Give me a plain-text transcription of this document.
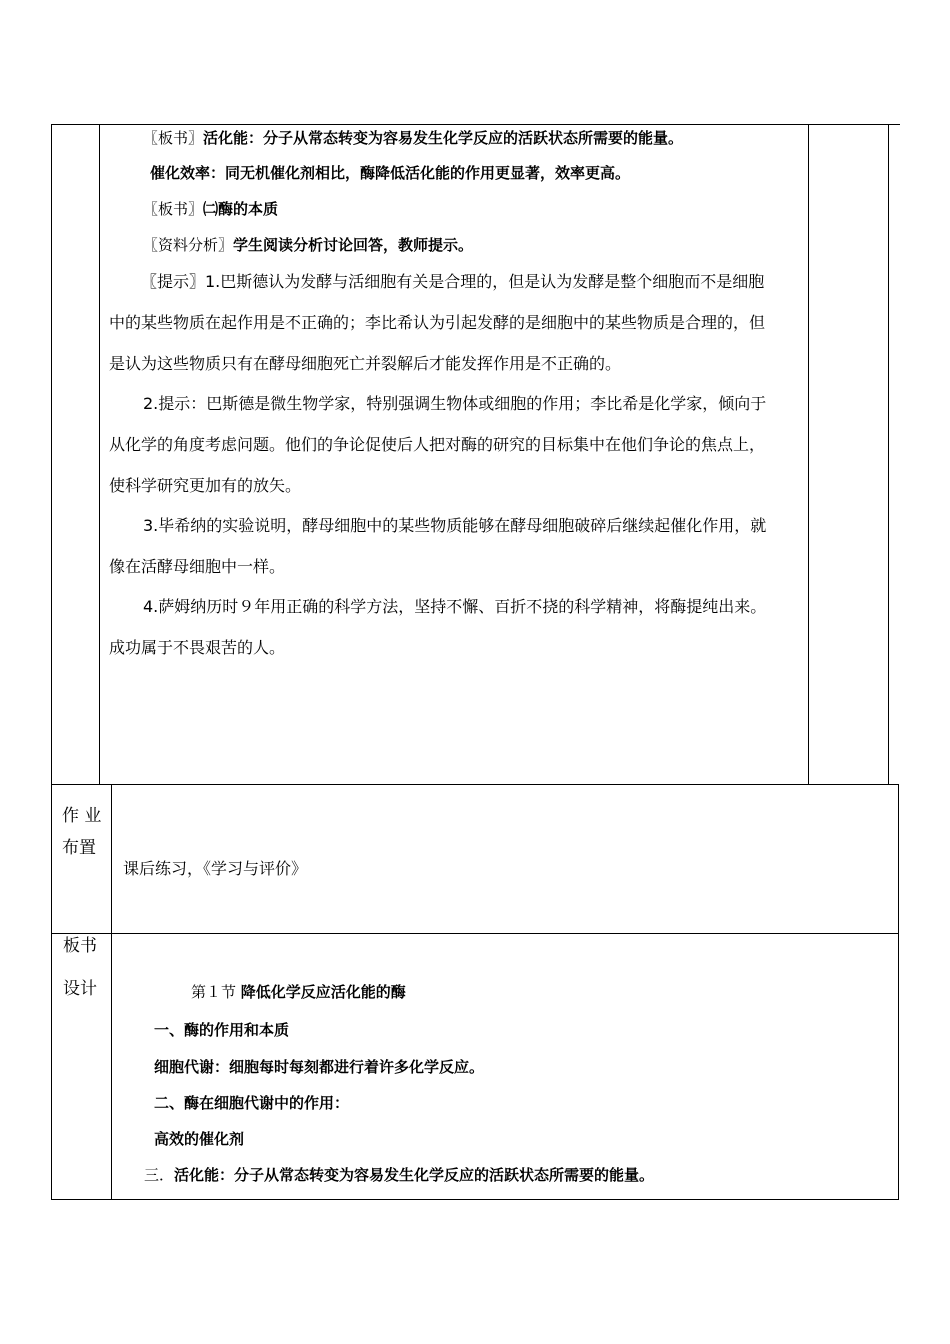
〖板书〗活化能：分子从常态转变为容易发生化学反应的活跃状态所需要的能量。
催化效率：同无机催化剂相比，酶降低活化能的作用更显著，效率更高。
〖板书〗㈡酶的本质
〖资料分析〗学生阅读分析讨论回答，教师提示。
〖提示〗1.巴斯德认为发酵与活细胞有关是合理的，但是认为发酵是整个细胞而不是细胞
中的某些物质在起作用是不正确的；李比希认为引起发酵的是细胞中的某些物质是合理的，但
是认为这些物质只有在酵母细胞死亡并裂解后才能发挥作用是不正确的。
2.提示：巴斯德是微生物学家，特别强调生物体或细胞的作用；李比希是化学家，倾向于
从化学的角度考虑问题。他们的争论促使后人把对酶的研究的目标集中在他们争论的焦点上，
使科学研究更加有的放矢。
3.毕希纳的实验说明，酵母细胞中的某些物质能够在酵母细胞破碎后继续起催化作用，就
像在活酵母细胞中一样。
4.萨姆纳历时９年用正确的科学方法，坚持不懈、百折不挠的科学精神，将酶提纯出来。
成功属于不畏艰苦的人。
作 业
布置
课后练习，《学习与评价》
板书
设计	第１节 降低化学反应活化能的酶
一、酶的作用和本质
细胞代谢：细胞每时每刻都进行着许多化学反应。
二、酶在细胞代谢中的作用：
高效的催化剂
三．活化能：分子从常态转变为容易发生化学反应的活跃状态所需要的能量。
